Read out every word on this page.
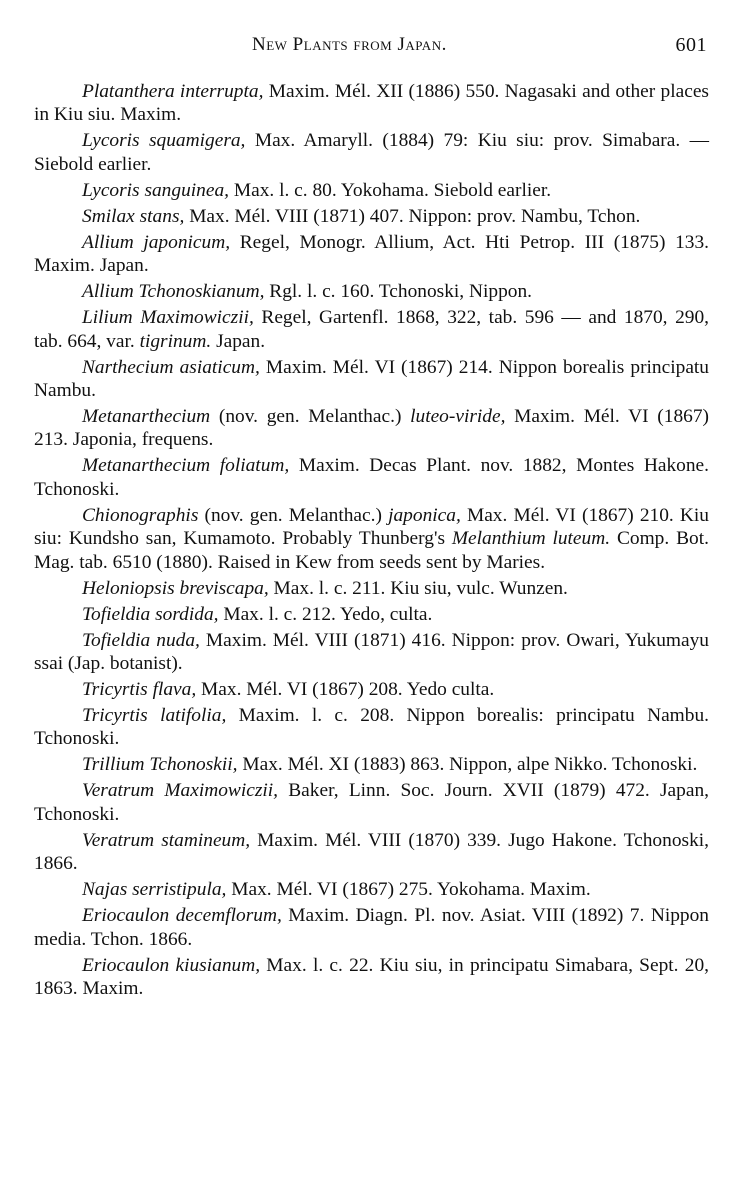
New Plants from Japan.	601

Platanthera interrupta, Maxim. Mél. XII (1886) 550. Nagasaki and other places in Kiu siu. Maxim.

Lycoris squamigera, Max. Amaryll. (1884) 79: Kiu siu: prov. Simabara. — Siebold earlier.

Lycoris sanguinea, Max. l. c. 80. Yokohama. Siebold earlier.

Smilax stans, Max. Mél. VIII (1871) 407. Nippon: prov. Nambu, Tchon.

Allium japonicum, Regel, Monogr. Allium, Act. Hti Petrop. III (1875) 133. Maxim. Japan.

Allium Tchonoskianum, Rgl. l. c. 160. Tchonoski, Nippon.

Lilium Maximowiczii, Regel, Gartenfl. 1868, 322, tab. 596 — and 1870, 290, tab. 664, var. tigrinum. Japan.

Narthecium asiaticum, Maxim. Mél. VI (1867) 214. Nippon borealis principatu Nambu.

Metanarthecium (nov. gen. Melanthac.) luteo-viride, Maxim. Mél. VI (1867) 213. Japonia, frequens.

Metanarthecium foliatum, Maxim. Decas Plant. nov. 1882, Montes Hakone. Tchonoski.

Chionographis (nov. gen. Melanthac.) japonica, Max. Mél. VI (1867) 210. Kiu siu: Kundsho san, Kumamoto. Probably Thunberg's Melanthium luteum. Comp. Bot. Mag. tab. 6510 (1880). Raised in Kew from seeds sent by Maries.

Heloniopsis breviscapa, Max. l. c. 211. Kiu siu, vulc. Wunzen.

Tofieldia sordida, Max. l. c. 212. Yedo, culta.

Tofieldia nuda, Maxim. Mél. VIII (1871) 416. Nippon: prov. Owari, Yukumayu ssai (Jap. botanist).

Tricyrtis flava, Max. Mél. VI (1867) 208. Yedo culta.

Tricyrtis latifolia, Maxim. l. c. 208. Nippon borealis: principatu Nambu. Tchonoski.

Trillium Tchonoskii, Max. Mél. XI (1883) 863. Nippon, alpe Nikko. Tchonoski.

Veratrum Maximowiczii, Baker, Linn. Soc. Journ. XVII (1879) 472. Japan, Tchonoski.

Veratrum stamineum, Maxim. Mél. VIII (1870) 339. Jugo Hakone. Tchonoski, 1866.

Najas serristipula, Max. Mél. VI (1867) 275. Yokohama. Maxim.

Eriocaulon decemflorum, Maxim. Diagn. Pl. nov. Asiat. VIII (1892) 7. Nippon media. Tchon. 1866.

Eriocaulon kiusianum, Max. l. c. 22. Kiu siu, in principatu Simabara, Sept. 20, 1863. Maxim.
